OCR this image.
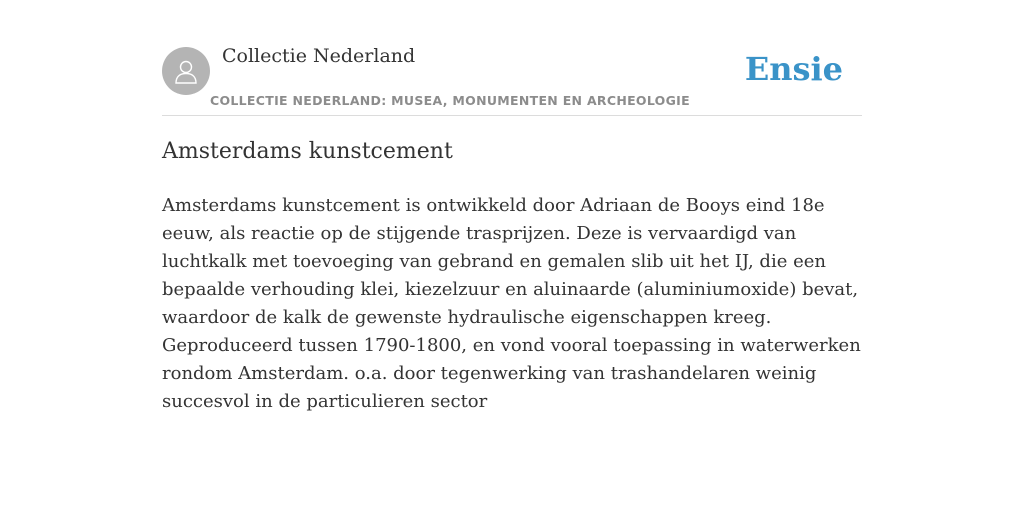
Collectie Nederland
COLLECTIE NEDERLAND: MUSEA, MONUMENTEN EN ARCHEOLOGIE
Ensie
Amsterdams kunstcement

Amsterdams kunstcement is ontwikkeld door Adriaan de Booys eind 18e eeuw, als reactie op de stijgende trasprijzen. Deze is vervaardigd van luchtkalk met toevoeging van gebrand en gemalen slib uit het IJ, die een bepaalde verhouding klei, kiezelzuur en aluinaarde (aluminiumoxide) bevat, waardoor de kalk de gewenste hydraulische eigenschappen kreeg. Geproduceerd tussen 1790-1800, en vond vooral toepassing in waterwerken rondom Amsterdam. o.a. door tegenwerking van trashandelaren weinig succesvol in de particulieren sector
